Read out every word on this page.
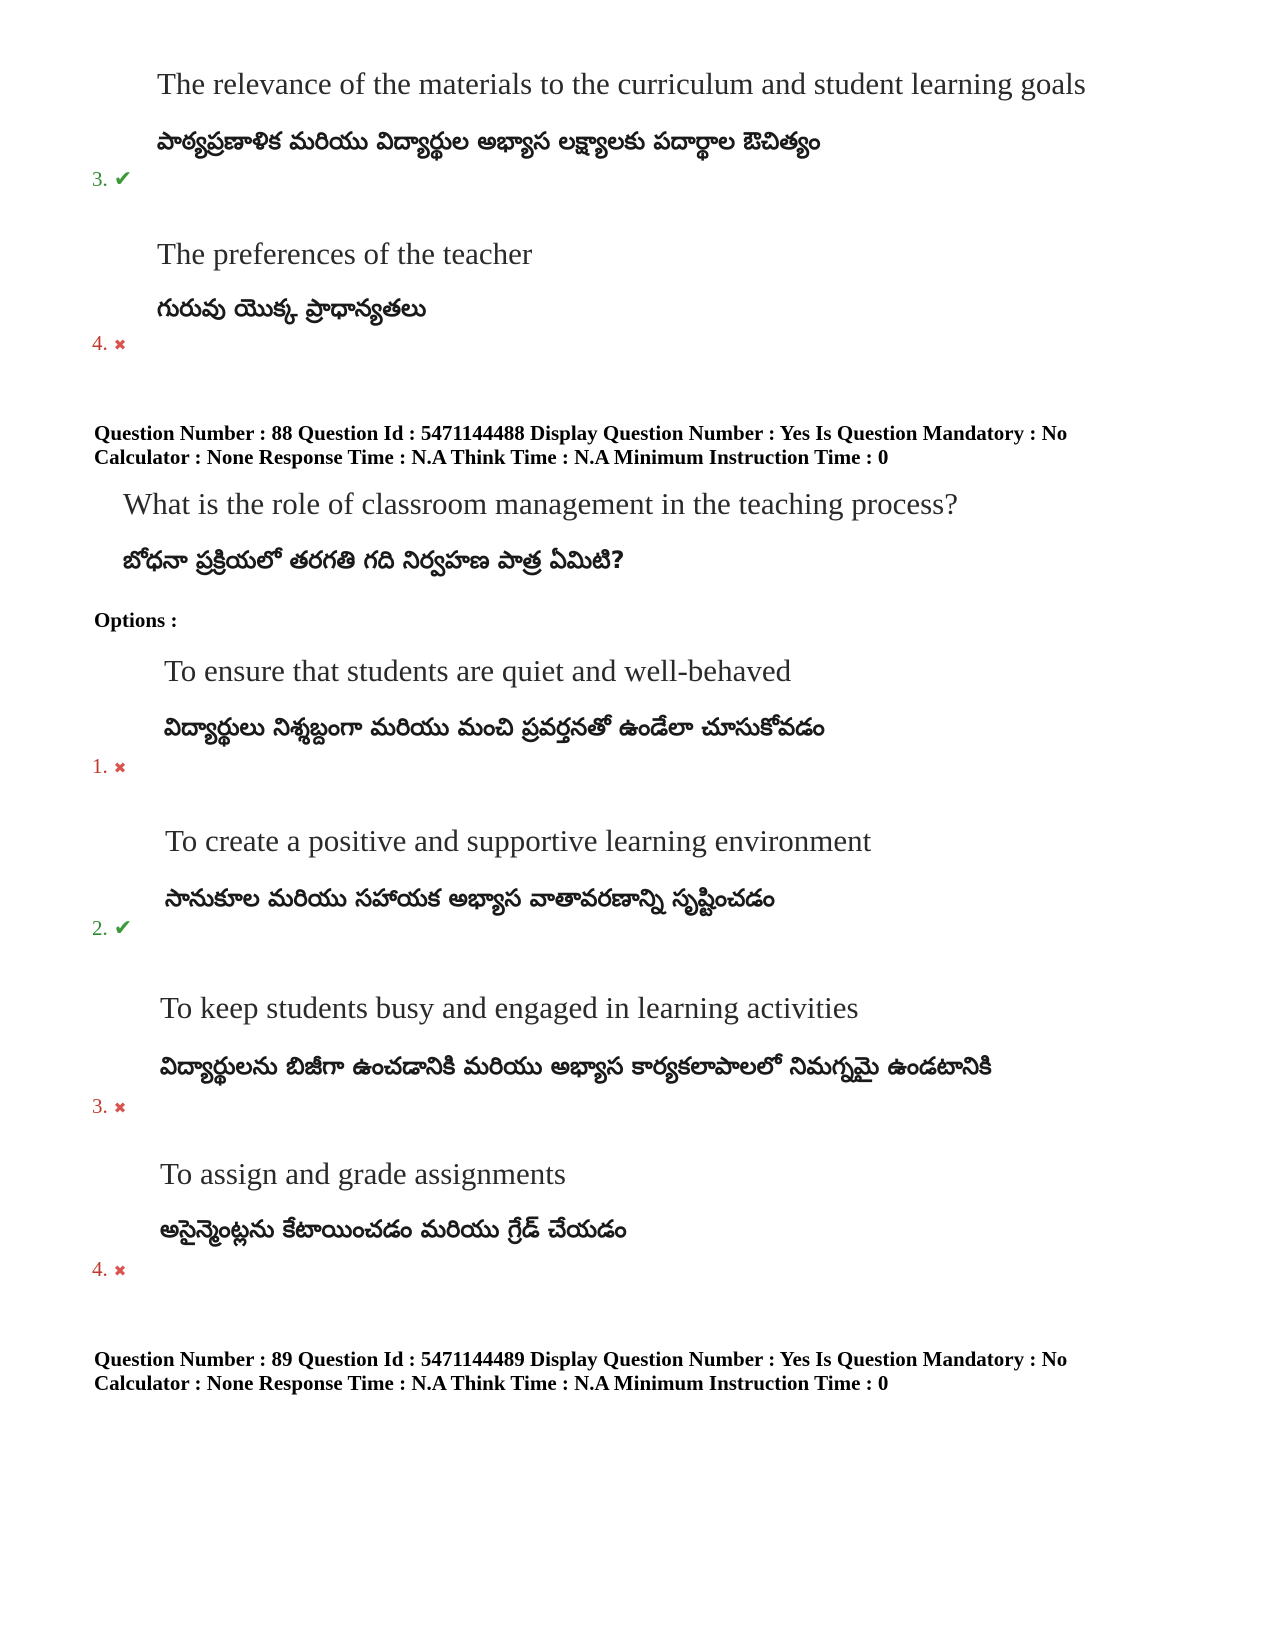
The relevance of the materials to the curriculum and student learning goals
పాఠ్యప్రణాళిక మరియు విద్యార్థుల అభ్యాస లక్ష్యాలకు పదార్థాల ఔచిత్యం
3. ✔
The preferences of the teacher
గురువు యొక్క ప్రాధాన్యతలు
4. ✖
Question Number : 88 Question Id : 5471144488 Display Question Number : Yes Is Question Mandatory : No
Calculator : None Response Time : N.A Think Time : N.A Minimum Instruction Time : 0
What is the role of classroom management in the teaching process?
బోధనా ప్రక్రియలో తరగతి గది నిర్వహణ పాత్ర ఏమిటి?
Options :
To ensure that students are quiet and well-behaved
విద్యార్థులు నిశ్శబ్దంగా మరియు మంచి ప్రవర్తనతో ఉండేలా చూసుకోవడం
1. ✖
To create a positive and supportive learning environment
సానుకూల మరియు సహాయక అభ్యాస వాతావరణాన్ని సృష్టించడం
2. ✔
To keep students busy and engaged in learning activities
విద్యార్థులను బిజీగా ఉంచడానికి మరియు అభ్యాస కార్యకలాపాలలో నిమగ్నమై ఉండటానికి
3. ✖
To assign and grade assignments
అసైన్మెంట్లను కేటాయించడం మరియు గ్రేడ్ చేయడం
4. ✖
Question Number : 89 Question Id : 5471144489 Display Question Number : Yes Is Question Mandatory : No
Calculator : None Response Time : N.A Think Time : N.A Minimum Instruction Time : 0
